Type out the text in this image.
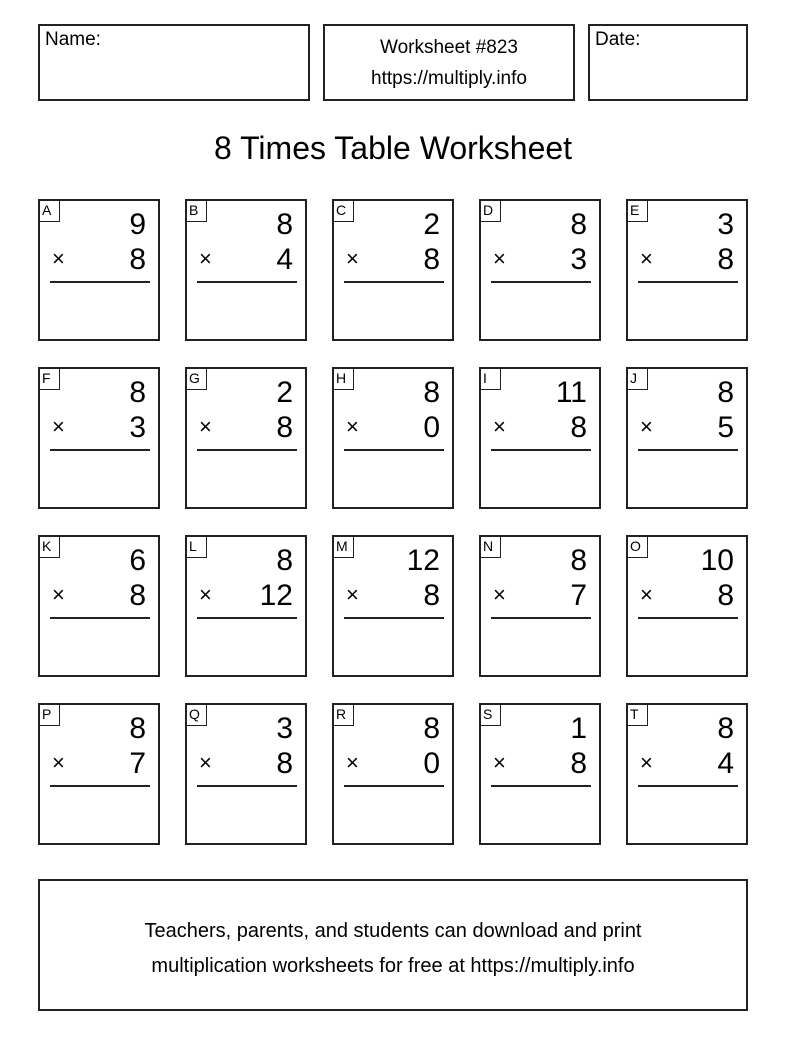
Name:	Worksheet #823
https://multiply.info
Date:
8 Times Table Worksheet
A	9
× 8
B	8
× 4
C	2
× 8
D	8
× 3
E	3
× 8
F	8
× 3
G	2
× 8
H	8
× 0
I	11
× 8
J	8
× 5
K	6
× 8
L	8
× 12
M 12
× 8
N	8
× 7
O 10
× 8
P	8
× 7
Q	3
× 8
R	8
× 0
S	1
× 8
T	8
× 4
Teachers, parents, and students can download and print
multiplication worksheets for free at https://multiply.info
